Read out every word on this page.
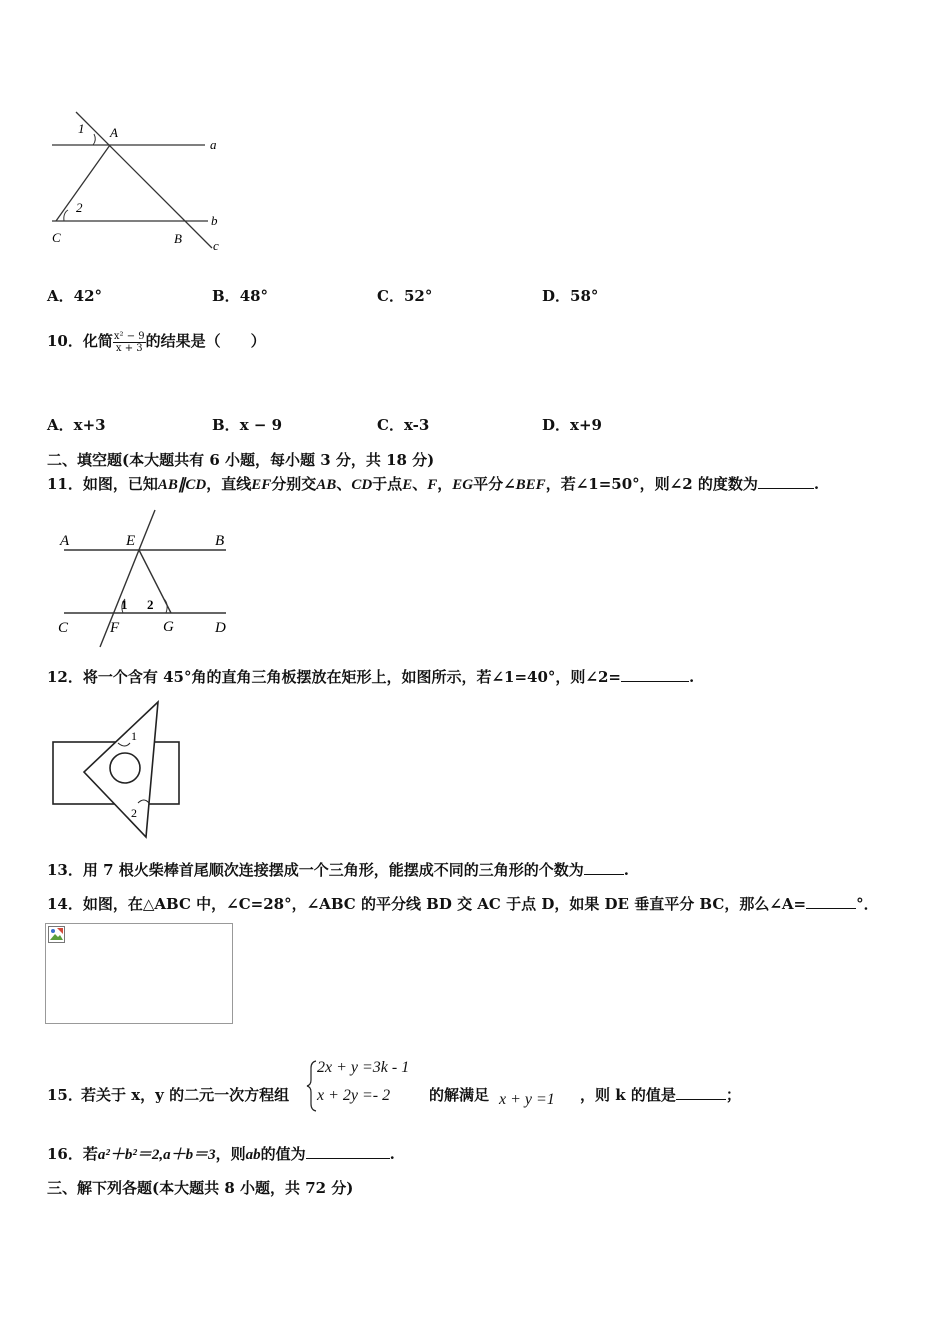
1 A
a
2
C	B
b
c
A．42°	B．48°	C．52°	D．58°
10．化简 $\frac{\text{x² − 9}}{x + 3}$ 的结果是（　　）
A．x+3	B．x − 9	C．x-3	D．x+9
二、填空题(本大题共有 6 小题，每小题 3 分，共 18 分)
11．如图，已知AB∥CD，直线EF分别交AB、CD于点E、F，EG平分∠BEF，若∠1=50°，则∠2 的度数为	.
A	E	B
1 2
C	F	G	D
12．将一个含有 45°角的直角三角板摆放在矩形上，如图所示，若∠1=40°，则∠2=	.
1
2
13．用 7 根火柴棒首尾顺次连接摆成一个三角形，能摆成不同的三角形的个数为	.
14．如图，在△ABC 中，∠C=28°，∠ABC 的平分线 BD 交 AC 于点 D，如果 DE 垂直平分 BC，那么∠A=	°．
15．
若关于 x，y 的二元一次方程组
2x + y =3k - 1
x + 2y =- 2	的解满足 x + y =1 ，则 k 的值是	；
16．若a²＋b²＝2,a＋b＝3，则ab的值为	.
三、解下列各题(本大题共 8 小题，共 72 分)
